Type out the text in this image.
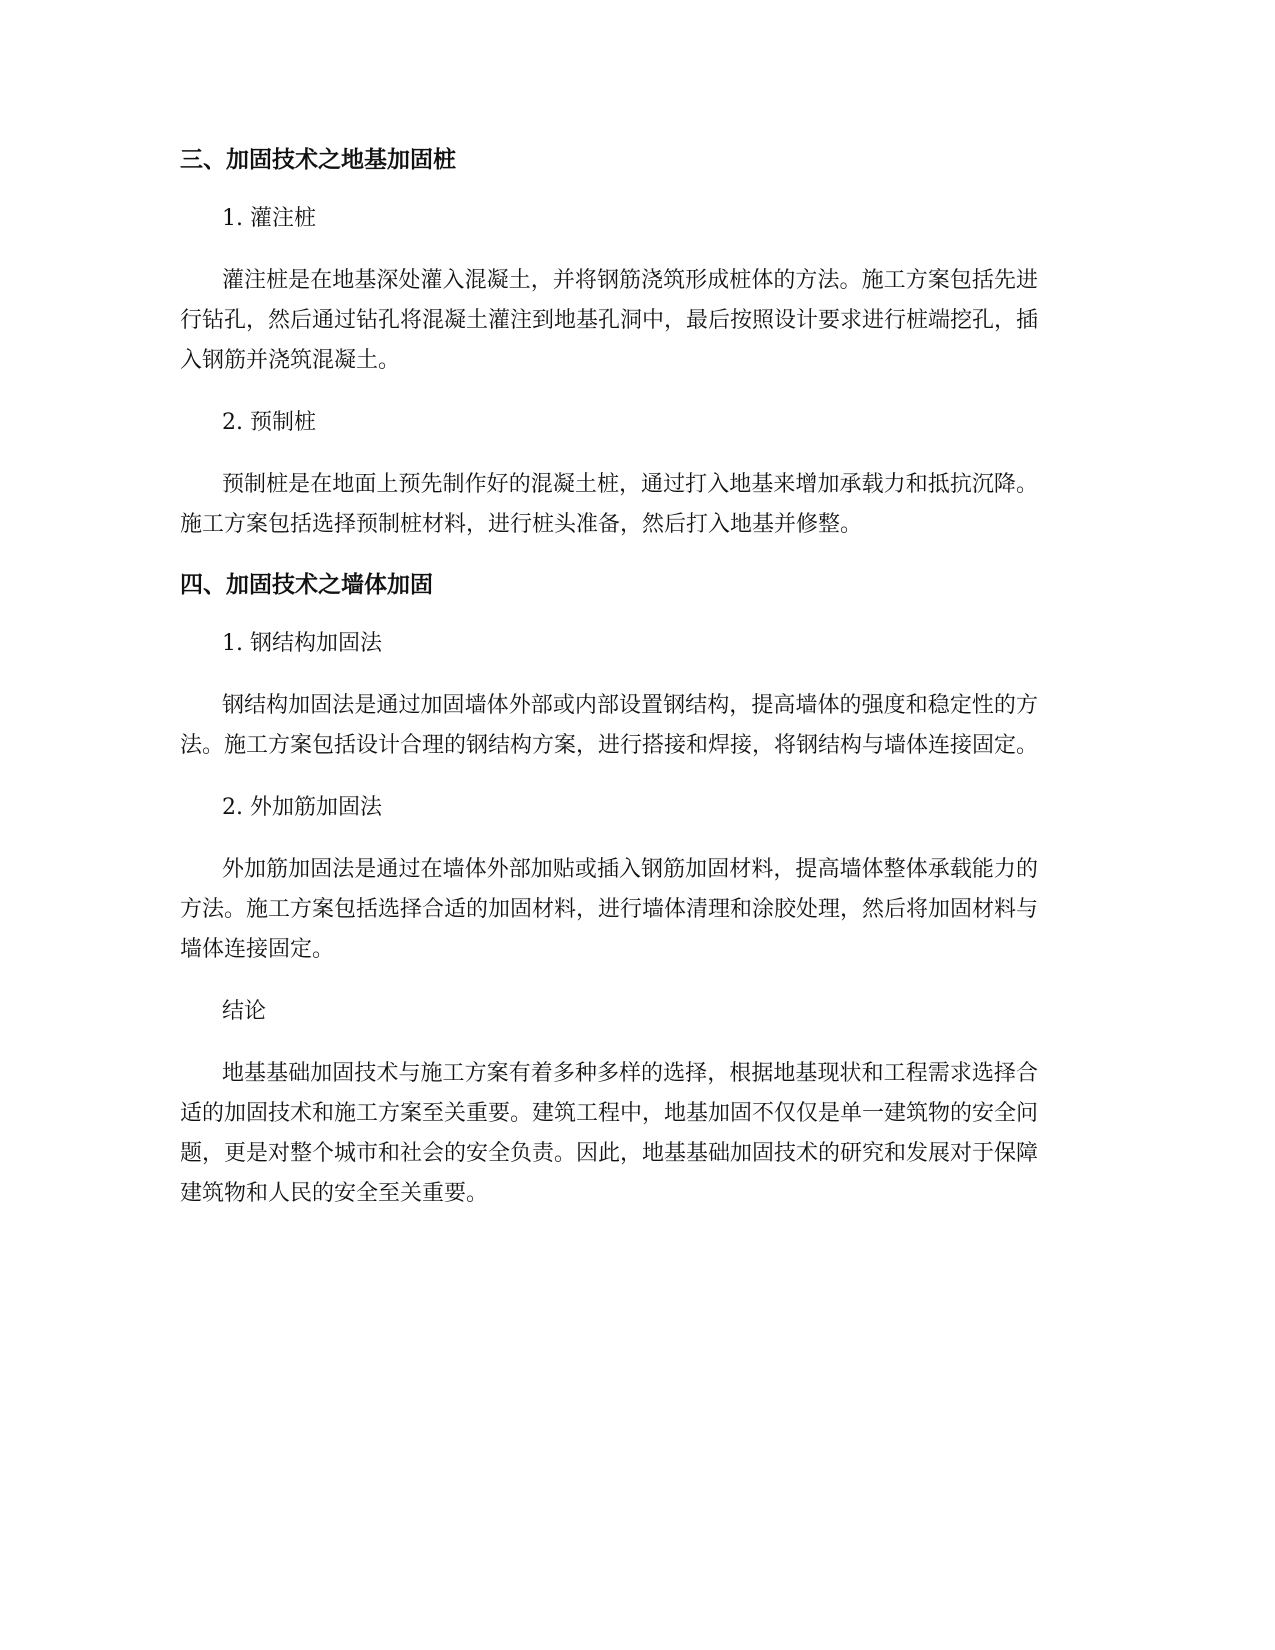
三、加固技术之地基加固桩

1. 灌注桩

灌注桩是在地基深处灌入混凝土，并将钢筋浇筑形成桩体的方法。施工方案包括先进行钻孔，然后通过钻孔将混凝土灌注到地基孔洞中，最后按照设计要求进行桩端挖孔，插入钢筋并浇筑混凝土。

2. 预制桩

预制桩是在地面上预先制作好的混凝土桩，通过打入地基来增加承载力和抵抗沉降。施工方案包括选择预制桩材料，进行桩头准备，然后打入地基并修整。

四、加固技术之墙体加固

1. 钢结构加固法

钢结构加固法是通过加固墙体外部或内部设置钢结构，提高墙体的强度和稳定性的方法。施工方案包括设计合理的钢结构方案，进行搭接和焊接，将钢结构与墙体连接固定。

2. 外加筋加固法

外加筋加固法是通过在墙体外部加贴或插入钢筋加固材料，提高墙体整体承载能力的方法。施工方案包括选择合适的加固材料，进行墙体清理和涂胶处理，然后将加固材料与墙体连接固定。

结论

地基基础加固技术与施工方案有着多种多样的选择，根据地基现状和工程需求选择合适的加固技术和施工方案至关重要。建筑工程中，地基加固不仅仅是单一建筑物的安全问题，更是对整个城市和社会的安全负责。因此，地基基础加固技术的研究和发展对于保障建筑物和人民的安全至关重要。
